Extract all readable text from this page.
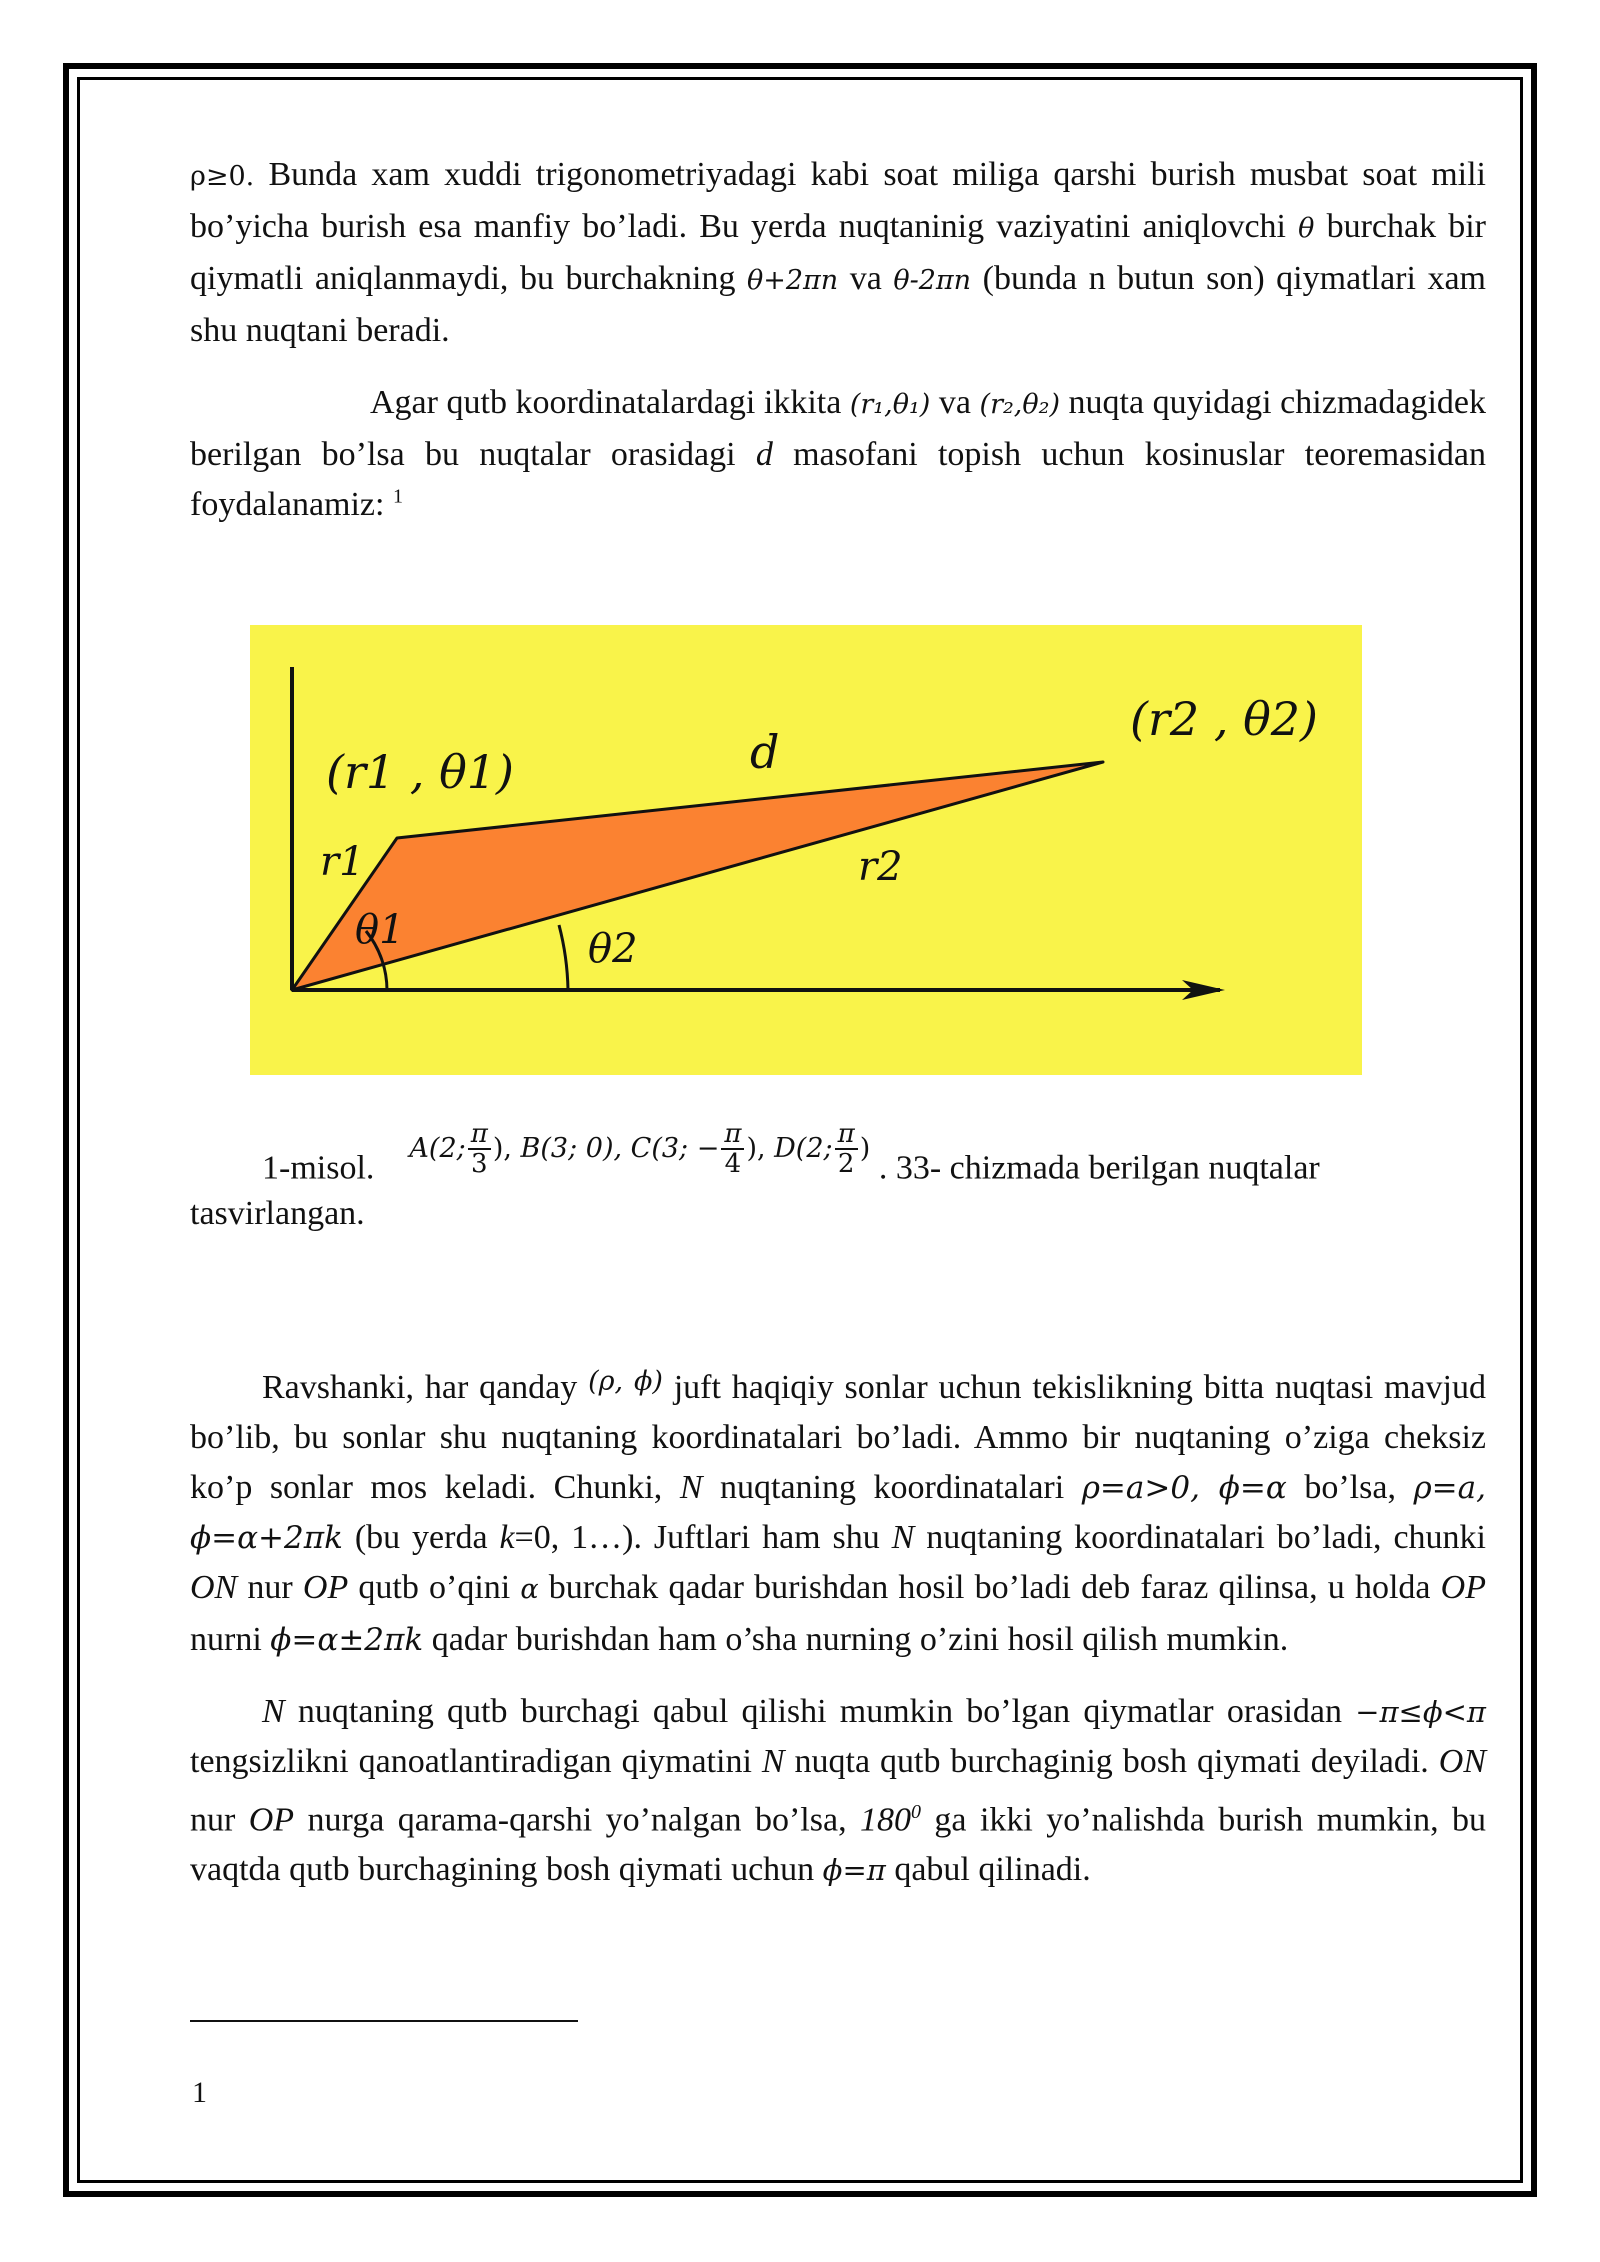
ρ≥0. Bunda xam xuddi trigonometriyadagi kabi soat miliga qarshi burish musbat soat mili bo’yicha burish esa manfiy bo’ladi. Bu yerda nuqtaninig vaziyatini aniqlovchi θ burchak bir qiymatli aniqlanmaydi, bu burchakning θ+2πn va θ-2πn (bunda n butun son) qiymatlari xam shu nuqtani beradi.

Agar qutb koordinatalardagi ikkita (r₁,θ₁) va (r₂,θ₂) nuqta quyidagi chizmadagidek berilgan bo’lsa bu nuqtalar orasidagi d masofani topish uchun kosinuslar teoremasidan foydalanamiz: $^1$

(r1 , θ1)
(r2 , θ2)
d
r1	r2
θ1	θ2

1-misol.  $^{A(2; \frac{\pi}{3} ), B(3; 0), C(3; - \frac{\pi}{4} ), D(2; \frac{\pi}{2} )}$ . 33- chizmada berilgan nuqtalar

tasvirlangan.

Ravshanki, har qanday $^{(\rho, \phi)}$ juft haqiqiy sonlar uchun tekislikning bitta nuqtasi mavjud bo’lib, bu sonlar shu nuqtaning koordinatalari bo’ladi. Ammo bir nuqtaning o’ziga cheksiz ko’p sonlar mos keladi. Chunki, N nuqtaning koordinatalari ρ=a>0, ϕ=α bo’lsa, ρ=a, ϕ=α+2πk (bu yerda k=0, 1…). Juftlari ham shu N nuqtaning koordinatalari bo’ladi, chunki ON nur OP qutb o’qini α burchak qadar burishdan hosil bo’ladi deb faraz qilinsa, u holda OP nurni ϕ=α±2πk qadar burishdan ham o’sha nurning o’zini hosil qilish mumkin.

N nuqtaning qutb burchagi qabul qilishi mumkin bo’lgan qiymatlar orasidan −π≤ϕ<π tengsizlikni qanoatlantiradigan qiymatini N nuqta qutb burchaginig bosh qiymati deyiladi. ON nur OP nurga qarama-qarshi yo’nalgan bo’lsa, $180^0$ ga ikki yo’nalishda burish mumkin, bu vaqtda qutb burchagining bosh qiymati uchun ϕ=π qabul qilinadi.

1
